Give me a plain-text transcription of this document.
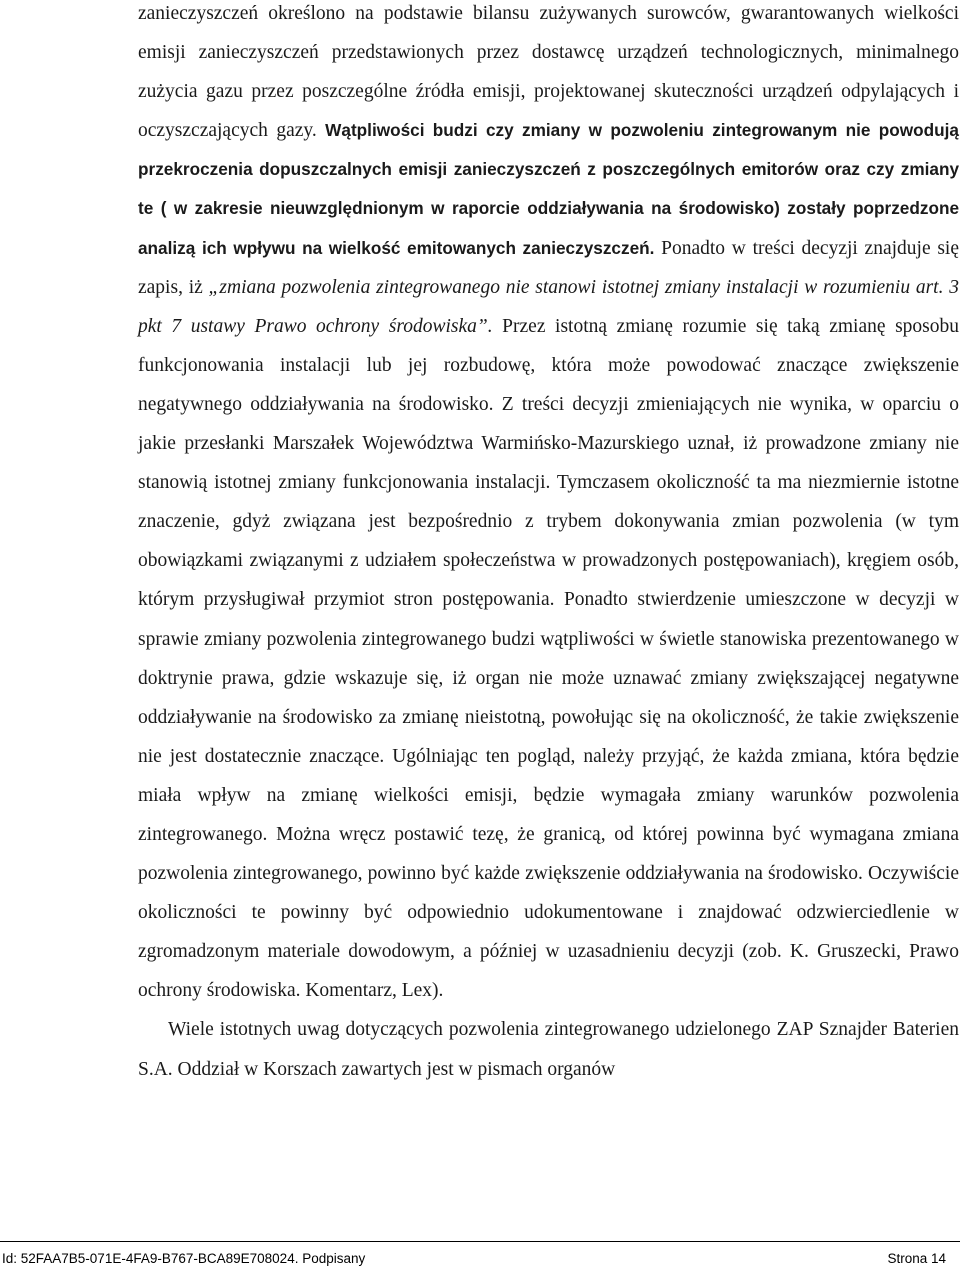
zanieczyszczeń określono na podstawie bilansu zużywanych surowców, gwarantowanych wielkości emisji zanieczyszczeń przedstawionych przez dostawcę urządzeń technologicznych, minimalnego zużycia gazu przez poszczególne źródła emisji, projektowanej skuteczności urządzeń odpylających i oczyszczających gazy. Wątpliwości budzi czy zmiany w pozwoleniu zintegrowanym nie powodują przekroczenia dopuszczalnych emisji zanieczyszczeń z poszczególnych emitorów oraz czy zmiany te ( w zakresie nieuwzględnionym w raporcie oddziaływania na środowisko) zostały poprzedzone analizą ich wpływu na wielkość emitowanych zanieczyszczeń. Ponadto w treści decyzji znajduje się zapis, iż „zmiana pozwolenia zintegrowanego nie stanowi istotnej zmiany instalacji w rozumieniu art. 3 pkt 7 ustawy Prawo ochrony środowiska”. Przez istotną zmianę rozumie się taką zmianę sposobu funkcjonowania instalacji lub jej rozbudowę, która może powodować znaczące zwiększenie negatywnego oddziaływania na środowisko. Z treści decyzji zmieniających nie wynika, w oparciu o jakie przesłanki Marszałek Województwa Warmińsko-Mazurskiego uznał, iż prowadzone zmiany nie stanowią istotnej zmiany funkcjonowania instalacji. Tymczasem okoliczność ta ma niezmiernie istotne znaczenie, gdyż związana jest bezpośrednio z trybem dokonywania zmian pozwolenia (w tym obowiązkami związanymi z udziałem społeczeństwa w prowadzonych postępowaniach), kręgiem osób, którym przysługiwał przymiot stron postępowania. Ponadto stwierdzenie umieszczone w decyzji w sprawie zmiany pozwolenia zintegrowanego budzi wątpliwości w świetle stanowiska prezentowanego w doktrynie prawa, gdzie wskazuje się, iż organ nie może uznawać zmiany zwiększającej negatywne oddziaływanie na środowisko za zmianę nieistotną, powołując się na okoliczność, że takie zwiększenie nie jest dostatecznie znaczące. Ugólniając ten pogląd, należy przyjąć, że każda zmiana, która będzie miała wpływ na zmianę wielkości emisji, będzie wymagała zmiany warunków pozwolenia zintegrowanego. Można wręcz postawić tezę, że granicą, od której powinna być wymagana zmiana pozwolenia zintegrowanego, powinno być każde zwiększenie oddziaływania na środowisko. Oczywiście okoliczności te powinny być odpowiednio udokumentowane i znajdować odzwierciedlenie w zgromadzonym materiale dowodowym, a później w uzasadnieniu decyzji (zob. K. Gruszecki, Prawo ochrony środowiska. Komentarz, Lex).

Wiele istotnych uwag dotyczących pozwolenia zintegrowanego udzielonego ZAP Sznajder Baterien S.A. Oddział w Korszach zawartych jest w pismach organów

Id: 52FAA7B5-071E-4FA9-B767-BCA89E708024. Podpisany	Strona 14
